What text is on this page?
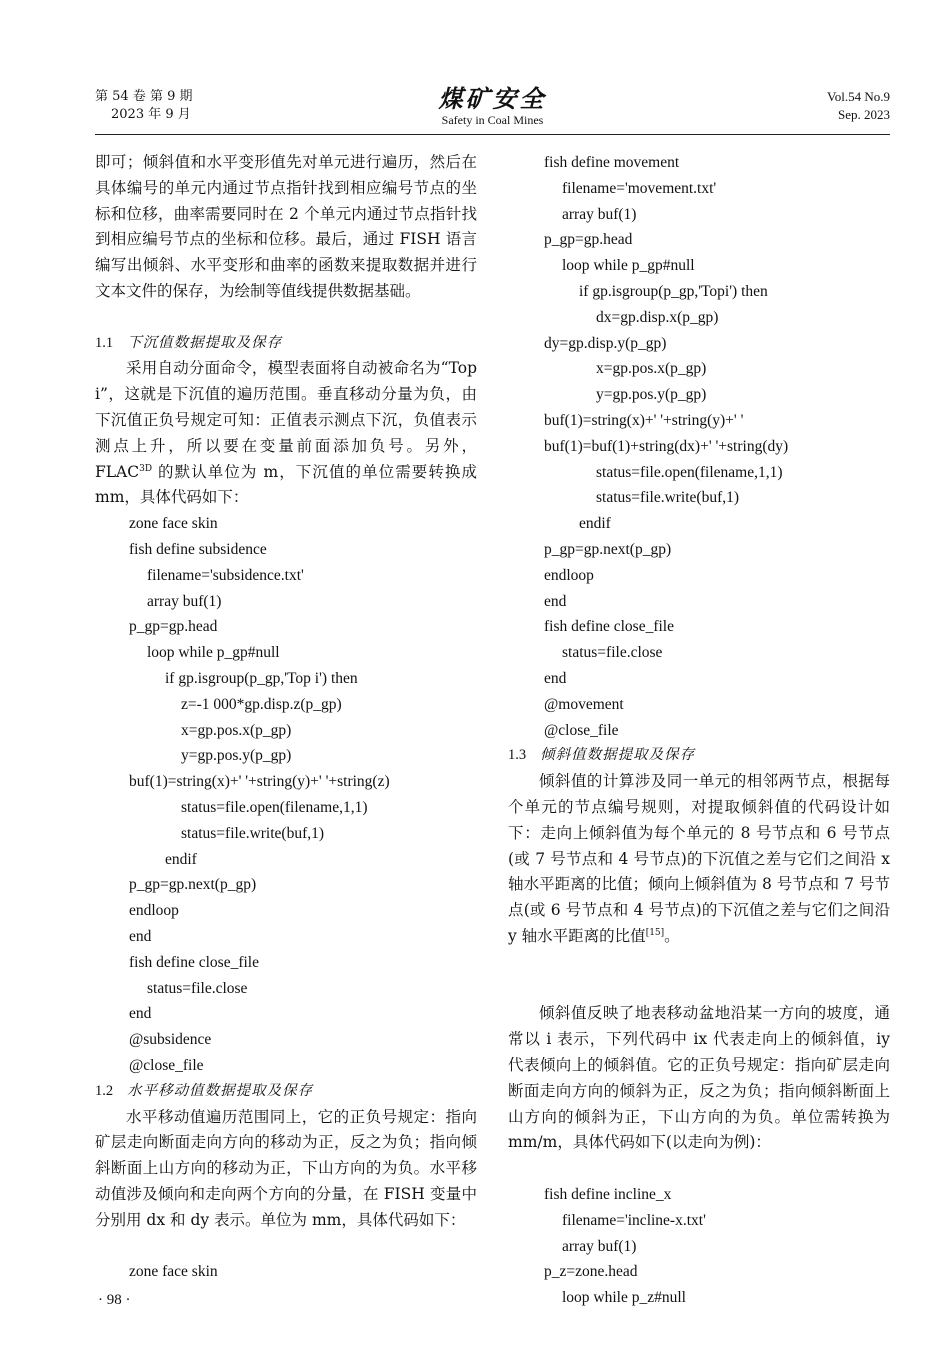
第 54 卷 第 9 期
2023 年 9 月
煤矿安全
Safety in Coal Mines
Vol.54 No.9
Sep. 2023
即可；倾斜值和水平变形值先对单元进行遍历，然后在具体编号的单元内通过节点指针找到相应编号节点的坐标和位移，曲率需要同时在 2 个单元内通过节点指针找到相应编号节点的坐标和位移。最后，通过 FISH 语言编写出倾斜、水平变形和曲率的函数来提取数据并进行文本文件的保存，为绘制等值线提供数据基础。
1.1 下沉值数据提取及保存
采用自动分面命令，模型表面将自动被命名为“Top i”，这就是下沉值的遍历范围。垂直移动分量为负，由下沉值正负号规定可知：正值表示测点下沉，负值表示测点上升，所以要在变量前面添加负号。另外，$FLAC^{3D}$ 的默认单位为 m，下沉值的单位需要转换成 mm，具体代码如下：
zone face skin
fish define subsidence
filename='subsidence.txt'
array buf(1)
p_gp=gp.head
loop while p_gp#null
if gp.isgroup(p_gp,'Top i') then
z=-1 000*gp.disp.z(p_gp)
x=gp.pos.x(p_gp)
y=gp.pos.y(p_gp)
buf(1)=string(x)+' '+string(y)+' '+string(z)
status=file.open(filename,1,1)
status=file.write(buf,1)
endif
p_gp=gp.next(p_gp)
endloop
end
fish define close_file
status=file.close
end
@subsidence
@close_file
1.2 水平移动值数据提取及保存
水平移动值遍历范围同上，它的正负号规定：指向矿层走向断面走向方向的移动为正，反之为负；指向倾斜断面上山方向的移动为正，下山方向的为负。水平移动值涉及倾向和走向两个方向的分量，在 FISH 变量中分别用 dx 和 dy 表示。单位为 mm，具体代码如下：
zone face skin
fish define movement
filename='movement.txt'
array buf(1)
p_gp=gp.head
loop while p_gp#null
if gp.isgroup(p_gp,'Topi') then
dx=gp.disp.x(p_gp)
dy=gp.disp.y(p_gp)
x=gp.pos.x(p_gp)
y=gp.pos.y(p_gp)
buf(1)=string(x)+' '+string(y)+' '
buf(1)=buf(1)+string(dx)+' '+string(dy)
status=file.open(filename,1,1)
status=file.write(buf,1)
endif
p_gp=gp.next(p_gp)
endloop
end
fish define close_file
status=file.close
end
@movement
@close_file
1.3 倾斜值数据提取及保存
倾斜值的计算涉及同一单元的相邻两节点，根据每个单元的节点编号规则，对提取倾斜值的代码设计如下：走向上倾斜值为每个单元的 8 号节点和 6 号节点(或 7 号节点和 4 号节点)的下沉值之差与它们之间沿 x 轴水平距离的比值；倾向上倾斜值为 8 号节点和 7 号节点(或 6 号节点和 4 号节点)的下沉值之差与它们之间沿 y 轴水平距离的比值[15]。
倾斜值反映了地表移动盆地沿某一方向的坡度，通常以 i 表示，下列代码中 ix 代表走向上的倾斜值，iy 代表倾向上的倾斜值。它的正负号规定：指向矿层走向断面走向方向的倾斜为正，反之为负；指向倾斜断面上山方向的倾斜为正，下山方向的为负。单位需转换为 mm/m，具体代码如下(以走向为例)：
fish define incline_x
filename='incline-x.txt'
array buf(1)
p_z=zone.head
loop while p_z#null
· 98 ·
